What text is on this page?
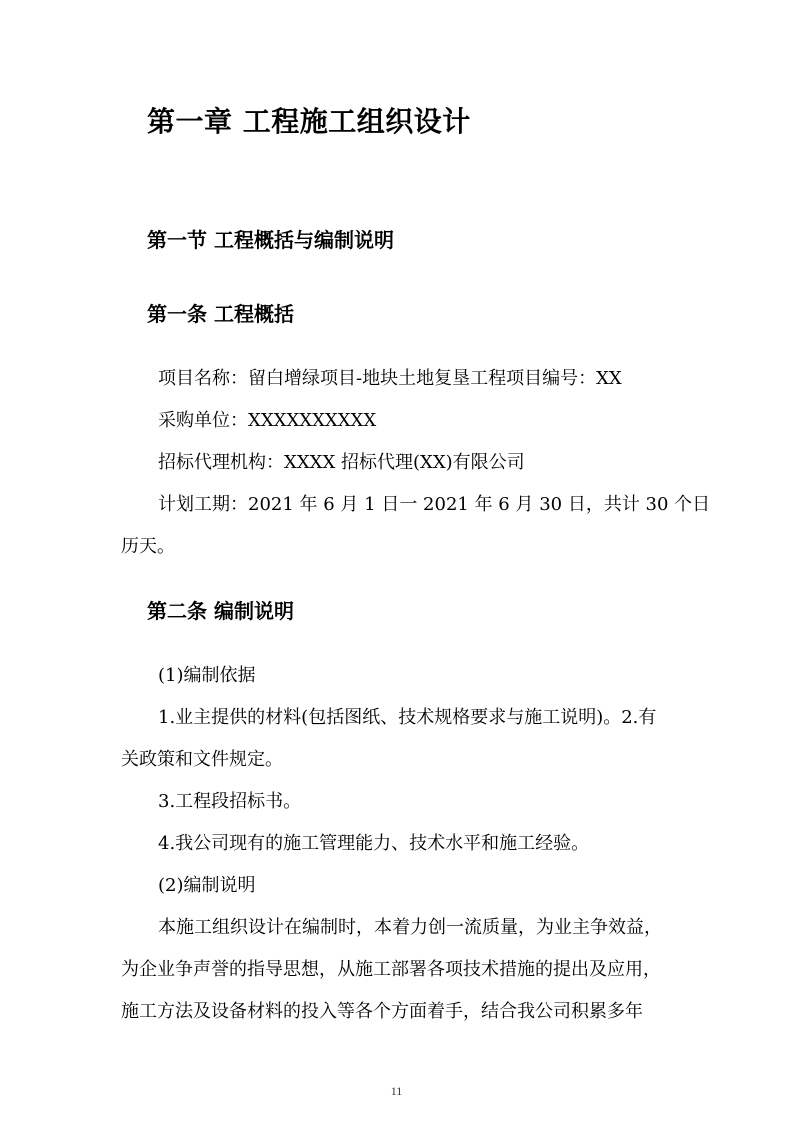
第一章 工程施工组织设计
第一节 工程概括与编制说明
第一条 工程概括

项目名称：留白增绿项目-地块土地复垦工程项目编号：XX

采购单位：XXXXXXXXXX

招标代理机构：XXXX 招标代理(XX)有限公司

计划工期：2021 年 6 月 1 日一 2021 年 6 月 30 日，共计 30 个日

历天。

第二条 编制说明

(1)编制依据

1.业主提供的材料(包括图纸、技术规格要求与施工说明)。2.有

关政策和文件规定。

3.工程段招标书。

4.我公司现有的施工管理能力、技术水平和施工经验。

(2)编制说明

本施工组织设计在编制时，本着力创一流质量，为业主争效益，

为企业争声誉的指导思想，从施工部署各项技术措施的提出及应用，

施工方法及设备材料的投入等各个方面着手，结合我公司积累多年

11
